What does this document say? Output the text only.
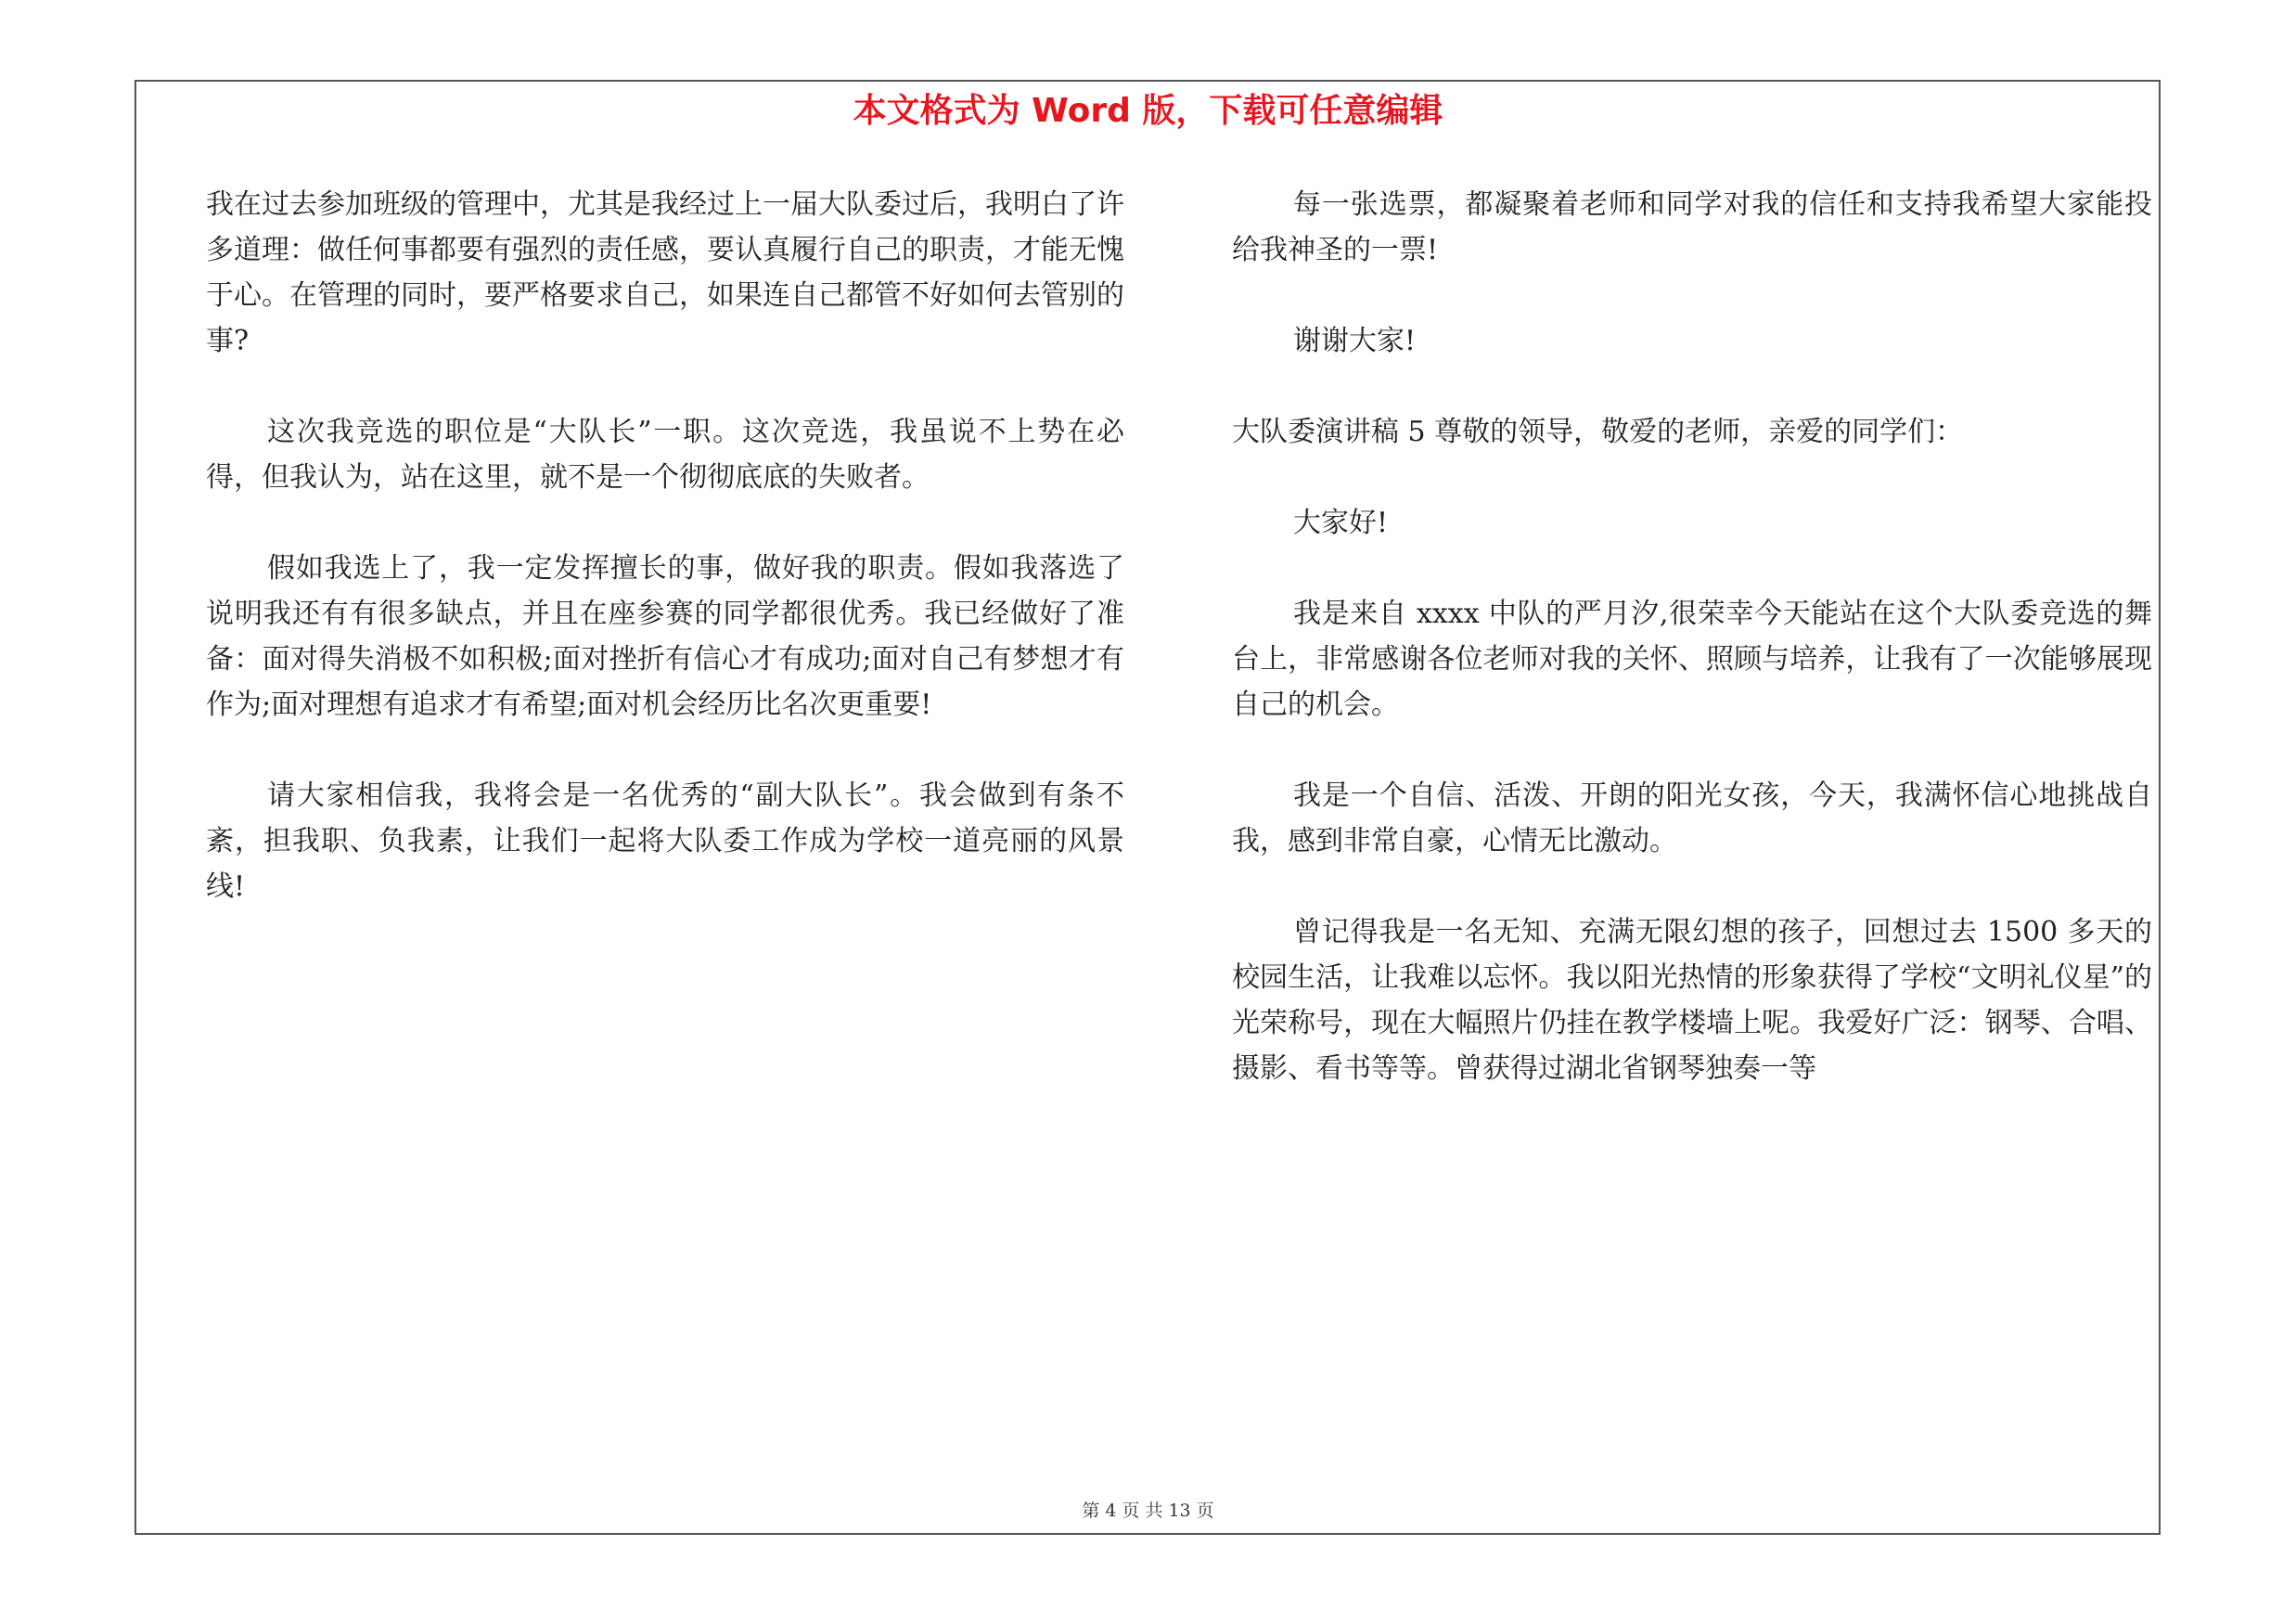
本文格式为 Word 版，下载可任意编辑

我在过去参加班级的管理中，尤其是我经过上一届大队委过后，我明白了许多道理：做任何事都要有强烈的责任感，要认真履行自己的职责，才能无愧于心。在管理的同时，要严格要求自己，如果连自己都管不好如何去管别的事?

这次我竞选的职位是“大队长”一职。这次竞选，我虽说不上势在必得，但我认为，站在这里，就不是一个彻彻底底的失败者。

假如我选上了，我一定发挥擅长的事，做好我的职责。假如我落选了说明我还有有很多缺点，并且在座参赛的同学都很优秀。我已经做好了准备：面对得失消极不如积极;面对挫折有信心才有成功;面对自己有梦想才有作为;面对理想有追求才有希望;面对机会经历比名次更重要!

请大家相信我，我将会是一名优秀的“副大队长”。我会做到有条不紊，担我职、负我素，让我们一起将大队委工作成为学校一道亮丽的风景线!

每一张选票，都凝聚着老师和同学对我的信任和支持我希望大家能投给我神圣的一票!

谢谢大家!

大队委演讲稿 5 尊敬的领导，敬爱的老师，亲爱的同学们：

大家好!

我是来自 xxxx 中队的严月汐,很荣幸今天能站在这个大队委竞选的舞台上，非常感谢各位老师对我的关怀、照顾与培养，让我有了一次能够展现自己的机会。

我是一个自信、活泼、开朗的阳光女孩，今天，我满怀信心地挑战自我，感到非常自豪，心情无比激动。

曾记得我是一名无知、充满无限幻想的孩子，回想过去 1500 多天的校园生活，让我难以忘怀。我以阳光热情的形象获得了学校“文明礼仪星”的光荣称号，现在大幅照片仍挂在教学楼墙上呢。我爱好广泛：钢琴、合唱、摄影、看书等等。曾获得过湖北省钢琴独奏一等

第 4 页 共 13 页
